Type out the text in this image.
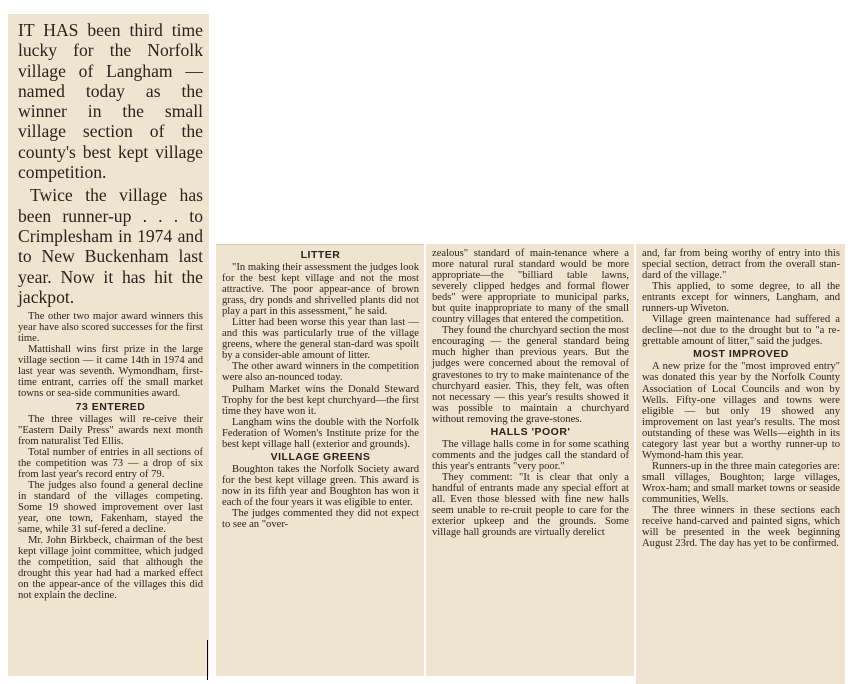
IT HAS been third time lucky for the Norfolk village of Langham — named today as the winner in the small village section of the county's best kept village competition.

Twice the village has been runner-up . . . to Crimplesham in 1974 and to New Buckenham last year. Now it has hit the jackpot.

The other two major award winners this year have also scored successes for the first time.

Mattishall wins first prize in the large village section — it came 14th in 1974 and last year was seventh. Wymondham, first-time entrant, carries off the small market towns or sea-side communities award.

73 ENTERED

The three villages will re-ceive their "Eastern Daily Press" awards next month from naturalist Ted Ellis.

Total number of entries in all sections of the competition was 73 — a drop of six from last year's record entry of 79.

The judges also found a general decline in standard of the villages competing. Some 19 showed improvement over last year, one town, Fakenham, stayed the same, while 31 suf-fered a decline.

Mr. John Birkbeck, chairman of the best kept village joint committee, which judged the competition, said that although the drought this year had had a marked effect on the appear-ance of the villages this did not explain the decline.

LITTER

"In making their assessment the judges look for the best kept village and not the most attractive. The poor appear-ance of brown grass, dry ponds and shrivelled plants did not play a part in this assessment," he said.

Litter had been worse this year than last — and this was particularly true of the village greens, where the general stan-dard was spoilt by a consider-able amount of litter.

The other award winners in the competition were also an-nounced today.

Pulham Market wins the Donald Steward Trophy for the best kept churchyard—the first time they have won it.

Langham wins the double with the Norfolk Federation of Women's Institute prize for the best kept village hall (exterior and grounds).

VILLAGE GREENS

Boughton takes the Norfolk Society award for the best kept village green. This award is now in its fifth year and Boughton has won it each of the four years it was eligible to enter.

The judges commented they did not expect to see an "over-

zealous" standard of main-tenance where a more natural rural standard would be more appropriate—the "billiard table lawns, severely clipped hedges and formal flower beds" were appropriate to municipal parks, but quite inappropriate to many of the small country villages that entered the competition.

They found the churchyard section the most encouraging — the general standard being much higher than previous years. But the judges were concerned about the removal of gravestones to try to make maintenance of the churchyard easier. This, they felt, was often not necessary — this year's results showed it was possible to maintain a churchyard without removing the grave-stones.

HALLS 'POOR'

The village halls come in for some scathing comments and the judges call the standard of this year's entrants "very poor."

They comment: "It is clear that only a handful of entrants made any special effort at all. Even those blessed with fine new halls seem unable to re-cruit people to care for the exterior upkeep and the grounds. Some village hall grounds are virtually derelict

and, far from being worthy of entry into this special section, detract from the overall stan-dard of the village."

This applied, to some degree, to all the entrants except for winners, Langham, and runners-up Wiveton.

Village green maintenance had suffered a decline—not due to the drought but to "a re-grettable amount of litter," said the judges.

MOST IMPROVED

A new prize for the "most improved entry" was donated this year by the Norfolk County Association of Local Councils and won by Wells. Fifty-one villages and towns were eligible — but only 19 showed any improvement on last year's results. The most outstanding of these was Wells—eighth in its category last year but a worthy runner-up to Wymond-ham this year.

Runners-up in the three main categories are: small villages, Boughton; large villages, Wrox-ham; and small market towns or seaside communities, Wells.

The three winners in these sections each receive hand-carved and painted signs, which will be presented in the week beginning August 23rd. The day has yet to be confirmed.
